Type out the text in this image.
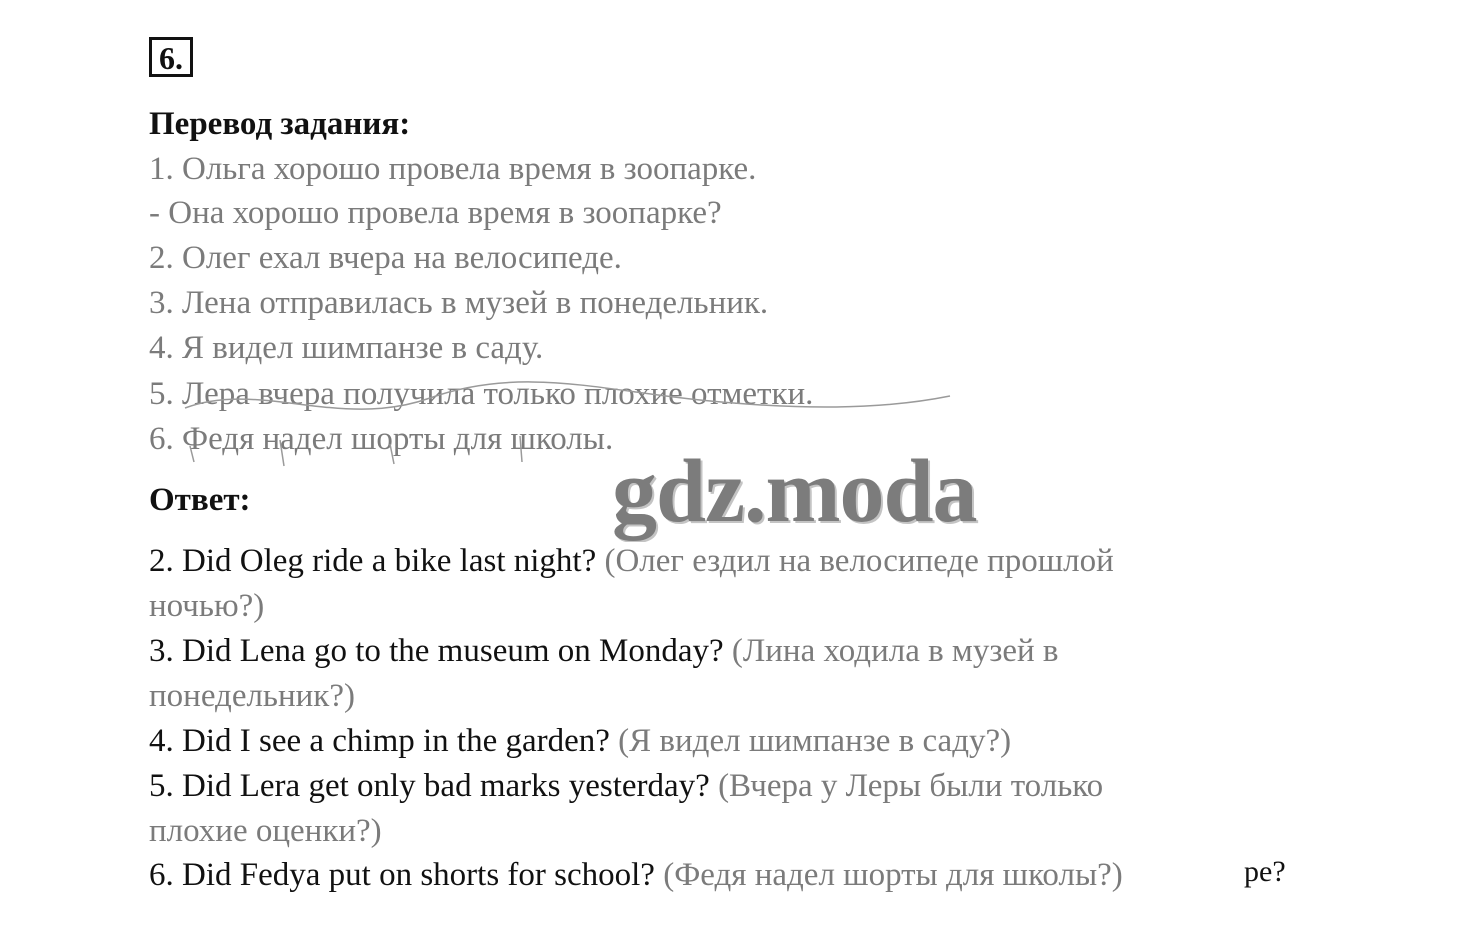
6.
Перевод задания:
1. Ольга хорошо провела время в зоопарке.
- Она хорошо провела время в зоопарке?
2. Олег ехал вчера на велосипеде.
3. Лена отправилась в музей в понедельник.
4. Я видел шимпанзе в саду.
5. Лера вчера получила только плохие отметки.
6. Федя надел шорты для школы.
Ответ:	gdz.moda
2. Did Oleg ride a bike last night? (Олег ездил на велосипеде прошлой
ночью?)
3. Did Lena go to the museum on Monday? (Лина ходила в музей в
понедельник?)
4. Did I see a chimp in the garden? (Я видел шимпанзе в саду?)
5. Did Lera get only bad marks yesterday? (Вчера у Леры были только
плохие оценки?)
6. Did Fedya put on shorts for school? (Федя надел шорты для школы?)	pe?
